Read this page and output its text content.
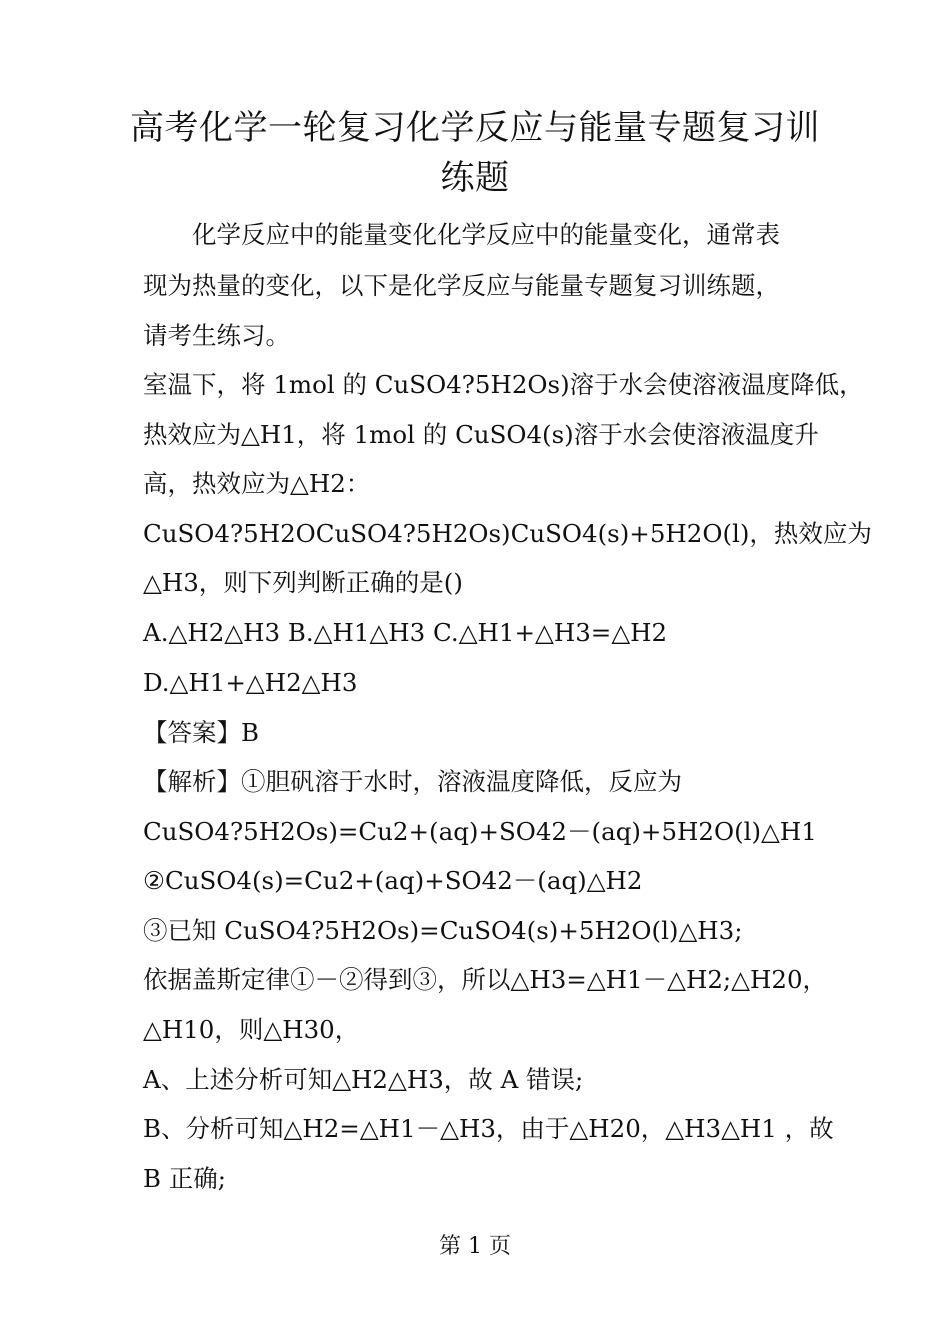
高考化学一轮复习化学反应与能量专题复习训
练题
　　化学反应中的能量变化化学反应中的能量变化，通常表
现为热量的变化，以下是化学反应与能量专题复习训练题，
请考生练习。
室温下，将 1mol 的 CuSO4?5H2Os)溶于水会使溶液温度降低，
热效应为△H1，将 1mol 的 CuSO4(s)溶于水会使溶液温度升
高，热效应为△H2：
CuSO4?5H2OCuSO4?5H2Os)CuSO4(s)+5H2O(l)，热效应为
△H3，则下列判断正确的是()
A.△H2△H3 B.△H1△H3 C.△H1+△H3=△H2
D.△H1+△H2△H3
【答案】B
【解析】①胆矾溶于水时，溶液温度降低，反应为
CuSO4?5H2Os)=Cu2+(aq)+SO42－(aq)+5H2O(l)△H1
②CuSO4(s)=Cu2+(aq)+SO42－(aq)△H2
③已知 CuSO4?5H2Os)=CuSO4(s)+5H2O(l)△H3;
依据盖斯定律①－②得到③，所以△H3=△H1－△H2;△H20，
△H10，则△H30，
A、上述分析可知△H2△H3，故 A 错误;
B、分析可知△H2=△H1－△H3，由于△H20，△H3△H1 ，故
B 正确;
第 1 页
